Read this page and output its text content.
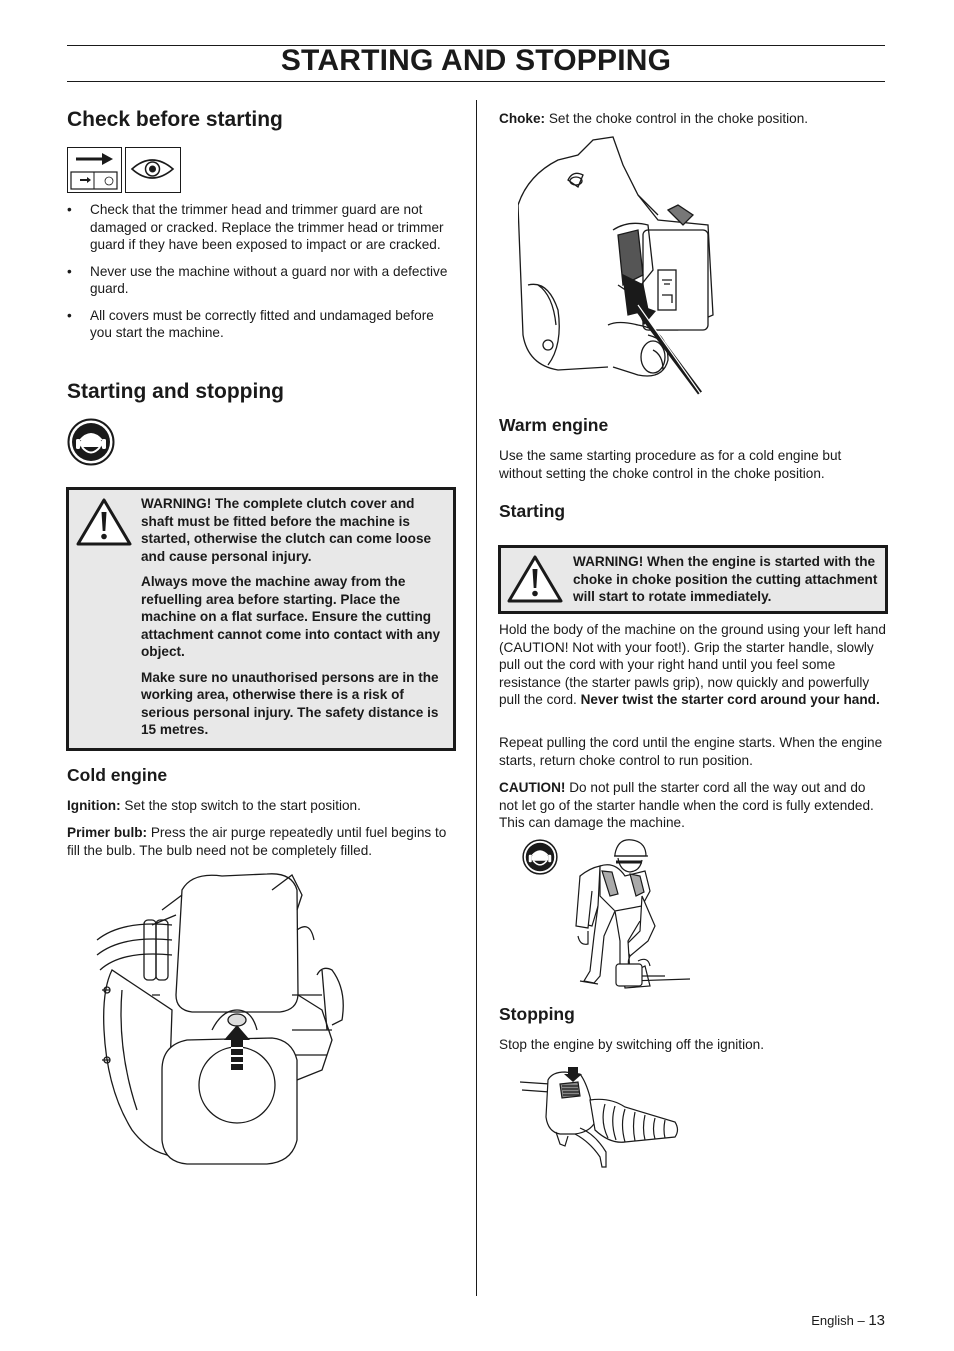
STARTING AND STOPPING
Check before starting
• Check that the trimmer head and trimmer guard are not damaged or cracked. Replace the trimmer head or trimmer guard if they have been exposed to impact or are cracked.
• Never use the machine without a guard nor with a defective guard.
• All covers must be correctly fitted and undamaged before you start the machine.
Starting and stopping

WARNING! The complete clutch cover and shaft must be fitted before the machine is started, otherwise the clutch can come loose and cause personal injury.

Always move the machine away from the refuelling area before starting. Place the machine on a flat surface. Ensure the cutting attachment cannot come into contact with any object.

Make sure no unauthorised persons are in the working area, otherwise there is a risk of serious personal injury. The safety distance is 15 metres.

Cold engine

Ignition: Set the stop switch to the start position.

Primer bulb: Press the air purge repeatedly until fuel begins to fill the bulb. The bulb need not be completely filled.

Choke: Set the choke control in the choke position.

Warm engine

Use the same starting procedure as for a cold engine but without setting the choke control in the choke position.

Starting

WARNING! When the engine is started with the choke in choke position the cutting attachment will start to rotate immediately.

Hold the body of the machine on the ground using your left hand (CAUTION! Not with your foot!). Grip the starter handle, slowly pull out the cord with your right hand until you feel some resistance (the starter pawls grip), now quickly and powerfully pull the cord. Never twist the starter cord around your hand.

Repeat pulling the cord until the engine starts. When the engine starts, return choke control to run position.

CAUTION! Do not pull the starter cord all the way out and do not let go of the starter handle when the cord is fully extended. This can damage the machine.

Stopping

Stop the engine by switching off the ignition.

English – 13
